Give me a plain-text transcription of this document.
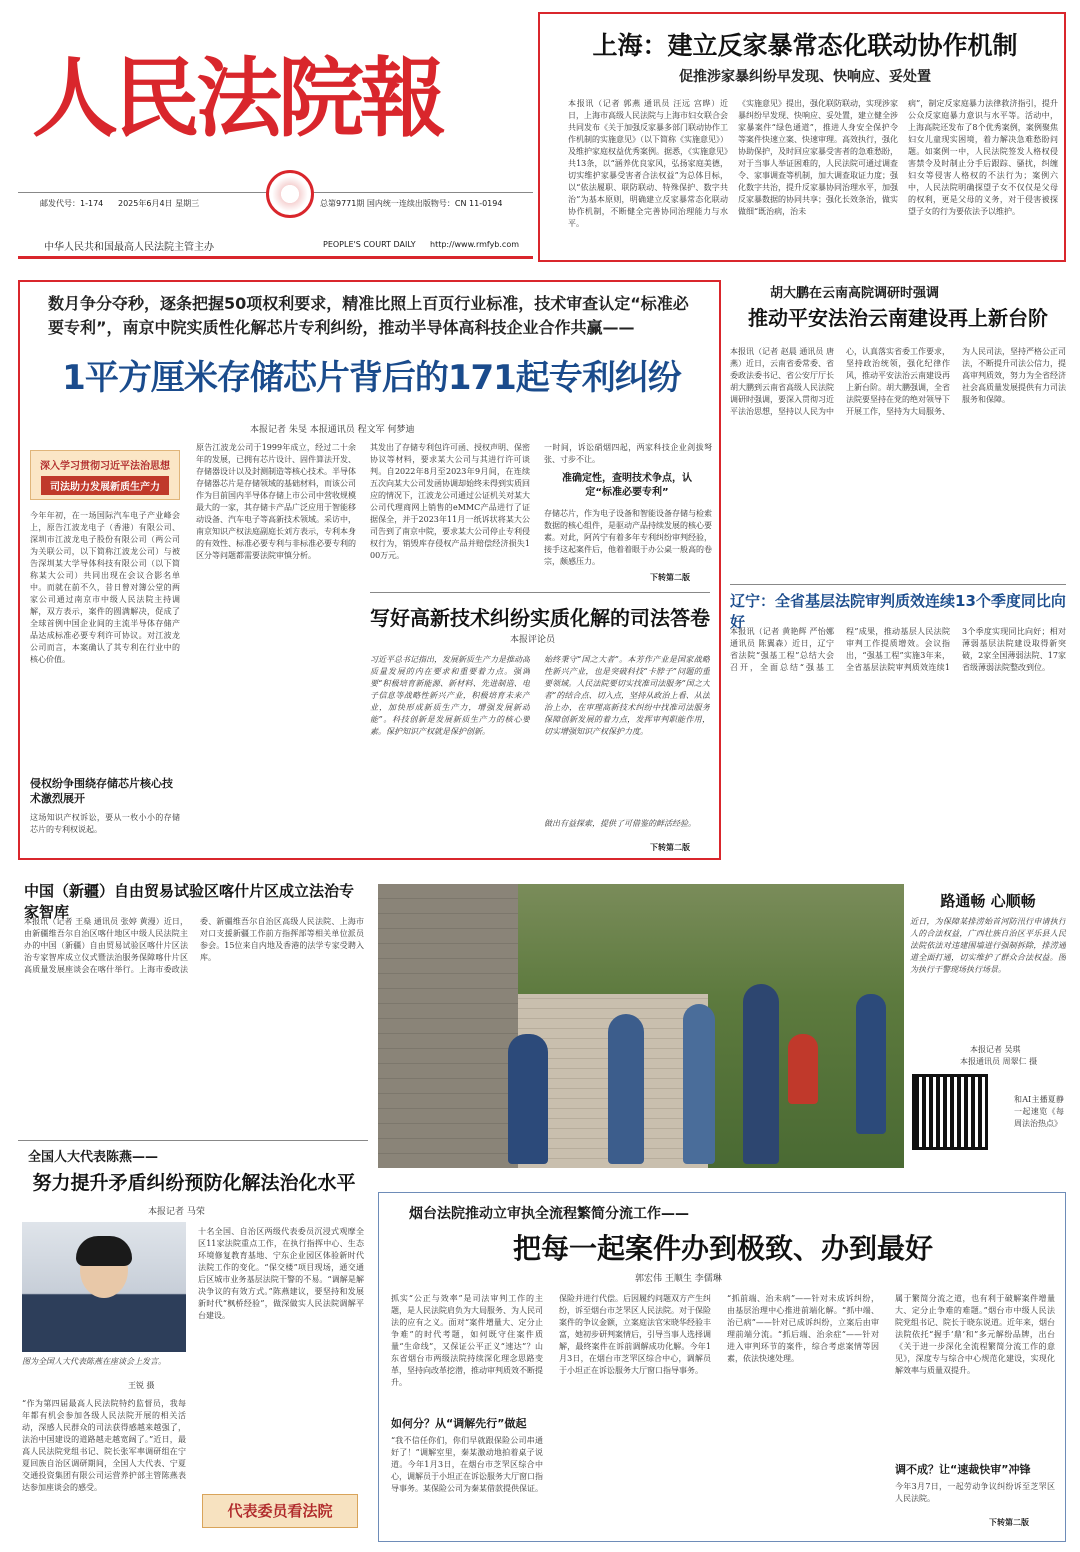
人民法院報
邮发代号：1-174 2025年6月4日 星期三	总第9771期 国内统一连续出版物号：CN 11-0194
中华人民共和国最高人民法院主管主办	PEOPLE'S COURT DAILY http://www.rmfyb.com
上海：建立反家暴常态化联动协作机制
促推涉家暴纠纷早发现、快响应、妥处置
本报讯（记者 郭燕 通讯员 汪远 宫晔）近日，上海市高级人民法院与上海市妇女联合会共同发布《关于加强反家暴多部门联动协作工作机制的实施意见》（以下简称《实施意见》）及维护家庭权益优秀案例。据悉，《实施意见》共13条，以“涵养优良家风，弘扬家庭美德，切实维护家暴受害者合法权益”为总体目标，以“依法履职、联防联动、特殊保护、数字共治”为基本原则，明确建立反家暴常态化联动协作机制，不断健全完善协同治理能力与水平。
《实施意见》提出，强化联防联动，实现涉家暴纠纷早发现、快响应、妥处置，建立健全涉家暴案件“绿色通道”，推进人身安全保护令等案件快速立案、快速审理。高效执行，强化协助保护，及时回应家暴受害者的急难愁盼，对于当事人举证困难的，人民法院可通过调查令、家事调查等机制，加大调查取证力度；强化数字共治，提升反家暴协同治理水平，加强反家暴数据的协同共享；强化长效条治，做实做细“既治病，治未
病”，制定反家庭暴力法律救济指引，提升公众反家庭暴力意识与水平等。活动中，上海高院还发布了8个优秀案例，案例聚焦妇女儿童现实困境，着力解决急难愁盼问题。如案例一中，人民法院签发人格权侵害禁令及时制止分手后跟踪、骚扰，纠缠妇女等侵害人格权的不法行为；案例六中，人民法院明确探望子女不仅仅是父母的权利，更是父母的义务，对于侵害被探望子女的行为要依法予以维护。
数月争分夺秒，逐条把握50项权利要求，精准比照上百页行业标准，技术审查认定“标准必要专利”，南京中院实质性化解芯片专利纠纷，推动半导体高科技企业合作共赢——
1平方厘米存储芯片背后的171起专利纠纷
本报记者 朱旻 本报通讯员 程文军 何梦迪
深入学习贯彻习近平法治思想
司法助力发展新质生产力
今年年初，在一场国际汽车电子产业峰会上，原告江波龙电子（香港）有限公司、深圳市江波龙电子股份有限公司（两公司为关联公司，以下简称江波龙公司）与被告深圳某大学导体科技有限公司（以下简称某大公司）共同出现在会议合影名单中。而就在前不久，昔日曾对簿公堂的两家公司通过南京市中级人民法院主持调解，双方表示，案件的圆满解决，促成了全球首例中国企业间的主流半导体存储产品达成标准必要专利许可协议。对江波龙公司而言，本案确认了其专利在行业中的核心价值。
侵权纷争围绕存储芯片核心技术激烈展开
这场知识产权诉讼，要从一枚小小的存储芯片的专利权说起。
原告江波龙公司于1999年成立，经过二十余年的发展，已拥有芯片设计、固件算法开发、存储器设计以及封测制造等核心技术。半导体存储器芯片是存储领域的基础材料，而该公司作为目前国内半导体存储上市公司中营收规模最大的一家，其存储卡产品广泛应用于智能移动设备、汽车电子等高新技术领域。采访中，南京知识产权法庭副庭长刘方表示，专利本身的有效性、标准必要专利与非标准必要专利的区分等问题都需要法院审慎分析。
其发出了存储专利包许可函、授权声明、保密协议等材料，要求某大公司与其进行许可谈判。自2022年8月至2023年9月间，在连续五次向某大公司发函协调却始终未得到实质回应的情况下，江波龙公司通过公证机关对某大公司代理商网上销售的eMMC产品进行了证据保全，并于2023年11月一纸诉状将某大公司告到了南京中院，要求某大公司停止专利侵权行为，销毁库存侵权产品并赔偿经济损失100万元。
一时间，诉讼硝烟四起，两家科技企业剑拔弩张、寸步不让。
准确定性，查明技术争点，认定“标准必要专利”
存储芯片，作为电子设备和智能设备存储与检索数据的核心组件，是驱动产品持续发展的核心要素。对此，阿芮宁有着多年专利纠纷审判经验，接手这起案件后，他着着眼于办公桌一般高的卷宗，颇感压力。
下转第二版
写好高新技术纠纷实质化解的司法答卷
本报评论员
习近平总书记指出，发展新质生产力是推动高质量发展的内在要求和重要着力点。强调要“积极培育新能源、新材料、先进制造、电子信息等战略性新兴产业，积极培育未来产业，加快形成新质生产力，增强发展新动能”。科技创新是发展新质生产力的核心要素。保护知识产权就是保护创新。
始终秉守“国之大者”。本芳作产业是国家战略性新兴产业，也是突破科技“卡脖子”问题的重要领域。人民法院要切实找准司法服务“国之大者”的结合点、切入点，坚持从政治上看、从法治上办，在审理高新技术纠纷中找准司法服务保障创新发展的着力点，发挥审判职能作用，切实增强知识产权保护力度。
做出有益探索，提供了可借鉴的鲜活经验。
下转第二版
胡大鹏在云南高院调研时强调
推动平安法治云南建设再上新台阶
本报讯（记者 赵晨 通讯员 唐燕）近日，云南省委常委、省委政法委书记、省公安厅厅长胡大鹏到云南省高级人民法院调研时强调，要深入贯彻习近平法治思想，坚持以人民为中心，认真落实省委工作要求，坚持政治统领，强化纪律作风，推动平安法治云南建设再上新台阶。胡大鹏强调，全省法院要坚持在党的绝对领导下开展工作，坚持为大局服务、为人民司法，坚持严格公正司法，不断提升司法公信力，提高审判质效，努力为全省经济社会高质量发展提供有力司法服务和保障。
辽宁：全省基层法院审判质效连续13个季度同比向好
本报讯（记者 黄艳辉 严怡娜 通讯员 陈翼森）近日，辽宁省法院“强基工程”总结大会召开，全面总结“强基工程”成果，推动基层人民法院审判工作提质增效。会议指出，“强基工程”实施3年来，全省基层法院审判质效连续13个季度实现同比向好；相对薄弱基层法院建设取得新突破，2家全国薄弱法院、17家省级薄弱法院整改到位。
中国（新疆）自由贸易试验区喀什片区成立法治专家智库
本报讯（记者 王燊 通讯员 张婷 黄漫）近日，由新疆维吾尔自治区喀什地区中级人民法院主办的中国（新疆）自由贸易试验区喀什片区法治专家智库成立仪式暨法治服务保障喀什片区高质量发展座谈会在喀什举行。上海市委政法委、新疆维吾尔自治区高级人民法院、上海市对口支援新疆工作前方指挥部等相关单位派员参会。15位来自内地及香港的法学专家受聘入库。
路通畅 心顺畅
近日，为保障某排涝始首河防汛行申请执行人的合法权益，广西壮族自治区平乐县人民法院依法对违建围墙进行强制拆除，排涝通道全面打通，切实维护了群众合法权益。图为执行干警现场执行场景。
本报记者 吴琪
本报通讯员 周翠仁 摄
和AI主播夏静一起速览《每周法治热点》
全国人大代表陈燕——
努力提升矛盾纠纷预防化解法治化水平
本报记者 马荣
图为全国人大代表陈燕在座谈会上发言。
王锐 摄
“作为第四届最高人民法院特约监督员，我每年都有机会参加各级人民法院开展的相关活动，深感人民群众的司法获得感越来越强了，法治中国建设的道路越走越宽阔了。”近日，最高人民法院党组书记、院长张军率调研组在宁夏回族自治区调研期间，全国人大代表、宁夏交通投资集团有限公司运营养护部主管陈燕表达参加座谈会的感受。
十名全国、自治区两级代表委员沉浸式观摩全区11家法院重点工作，在执行指挥中心、生态环境修复教育基地、宁东企业园区体验新时代法院工作的变化。“保交楼”项目现场，通交通后区城市业务基层法院干警的不易。“调解是解决争议的有效方式。”陈燕建议，要坚持和发展新时代“枫桥经验”，做深做实人民法院调解平台建设。
代表委员看法院
烟台法院推动立审执全流程繁简分流工作——
把每一起案件办到极致、办到最好
郭宏伟 王顺生 李儒琳
抓实“公正与效率”是司法审判工作的主题，是人民法院肩负为大局服务、为人民司法的应有之义。面对“案件增量大、定分止争难”的时代考题，如何既守住案件质量“生命线”，又保证公平正义“速达”？山东省烟台市两级法院持续深化理念思路变革，坚持向改革挖潜，推动审判质效不断提升。
如何分？从“调解先行”做起
“我不信任你们，你们早就跟保险公司串通好了！”调解室里，秦某激动地拍着桌子说道。今年1月3日，在烟台市芝罘区综合中心，调解员于小坦正在诉讼服务大厅窗口指导事务。某保险公司为秦某借款提供保证。
保险并进行代偿。后因履约问题双方产生纠纷，诉至烟台市芝罘区人民法院。对于保险案件的争议金额，立案庭法官宋晓华经验丰富，她初步研判案情后，引导当事人选择调解，最终案件在诉前调解成功化解。今年1月3日，在烟台市芝罘区综合中心，调解员于小坦正在诉讼服务大厅窗口指导事务。
“抓前端、治未病”——针对未成诉纠纷，由基层治理中心推进前端化解。“抓中端、治已病”——针对已成诉纠纷，立案后由审理前端分流。“抓后端、治余症”——针对进入审判环节的案件，综合考虑案情等因素，依法快速处理。
属于繁简分流之道，也有利于破解案件增量大、定分止争难的难题。”烟台市中级人民法院党组书记、院长于晓东说道。近年来，烟台法院依托“握手‘鼎’和”多元解纷品牌，出台《关于进一步深化全流程繁简分流工作的意见》，深度专与综合中心规范化建设，实现化解效率与质量双提升。
调不成？让“速裁快审”冲锋
今年3月7日，一起劳动争议纠纷诉至芝罘区人民法院。
下转第二版
